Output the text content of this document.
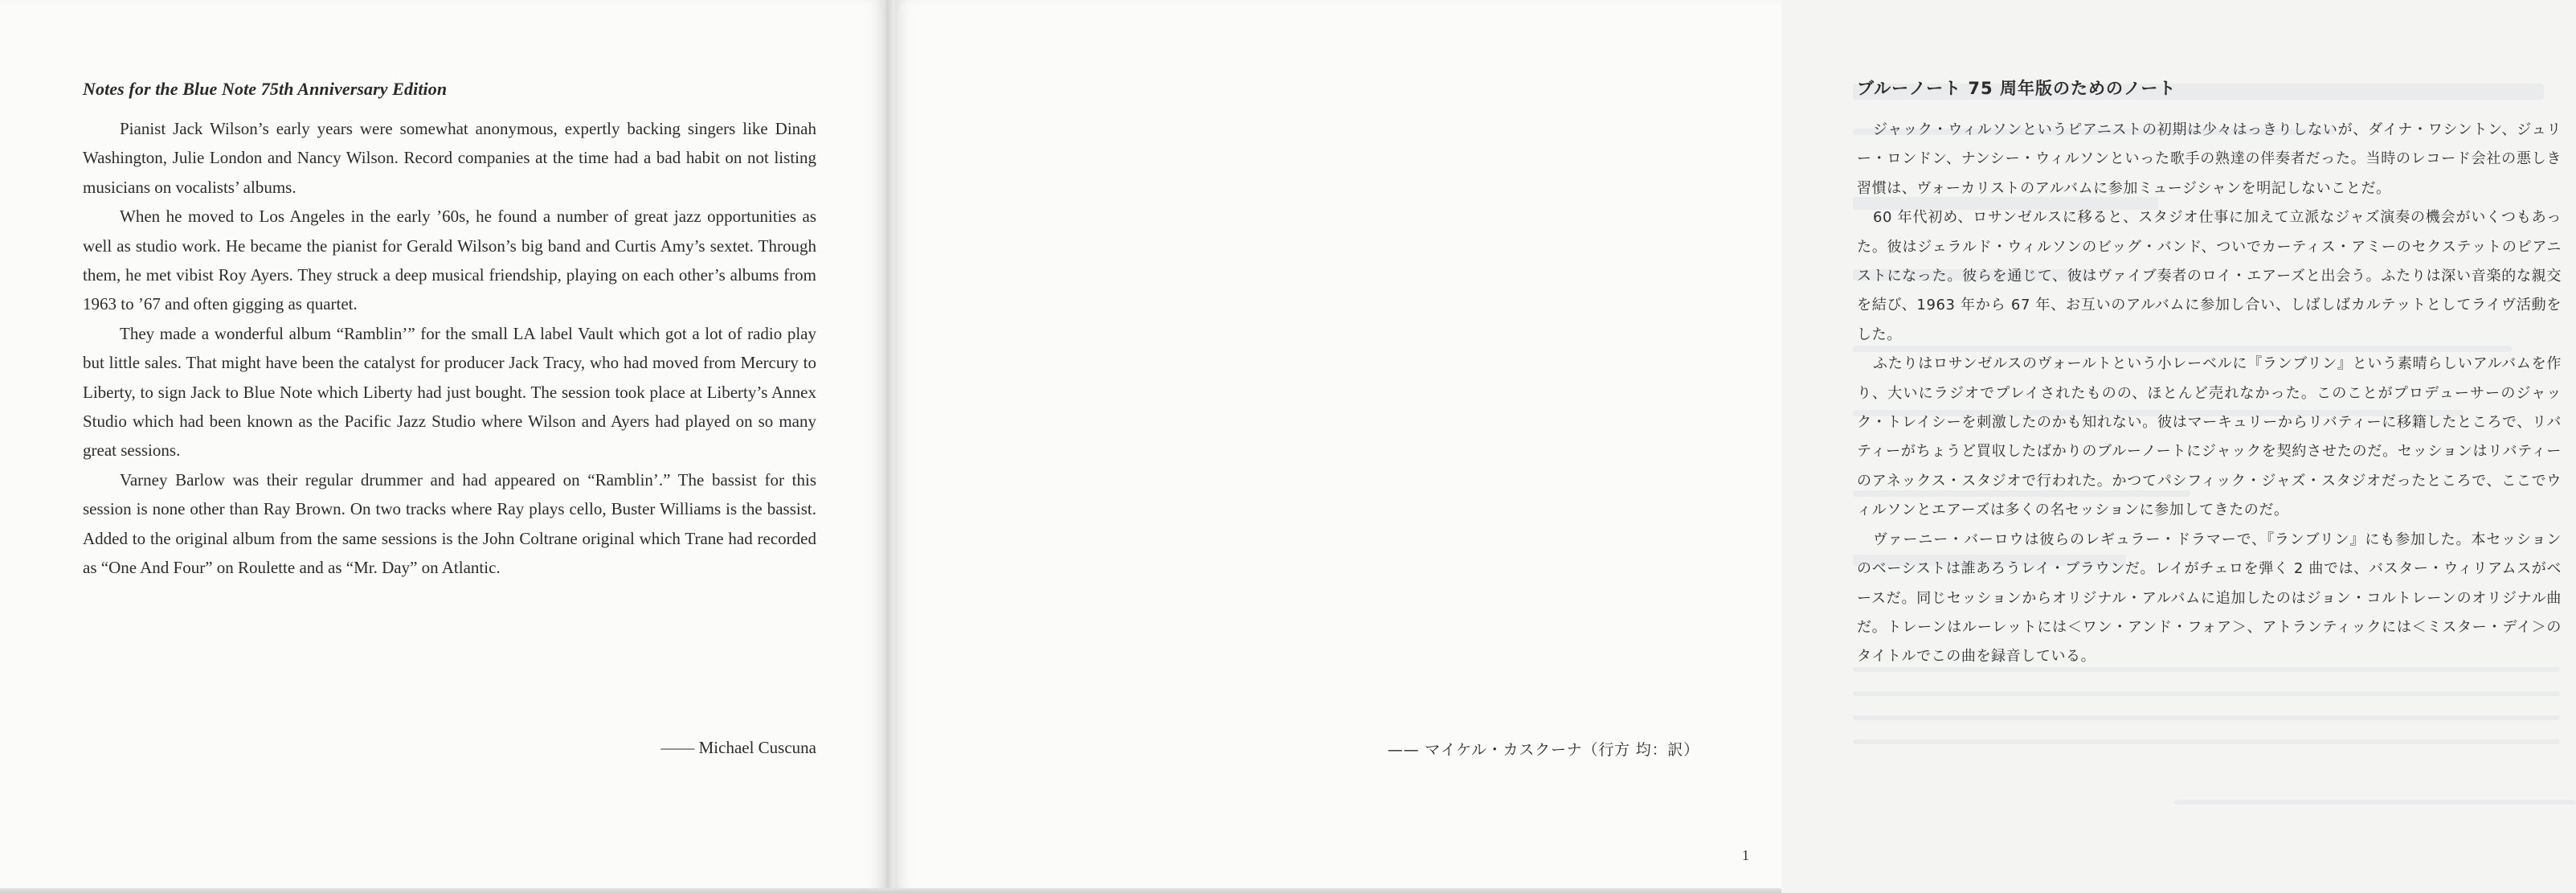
Notes for the Blue Note 75th Anniversary Edition

Pianist Jack Wilson’s early years were somewhat anonymous, expertly backing singers like Dinah Washington, Julie London and Nancy Wilson. Record companies at the time had a bad habit on not listing musicians on vocalists’ albums.

When he moved to Los Angeles in the early ’60s, he found a number of great jazz opportunities as well as studio work. He became the pianist for Gerald Wilson’s big band and Curtis Amy’s sextet. Through them, he met vibist Roy Ayers. They struck a deep musical friendship, playing on each other’s albums from 1963 to ’67 and often gigging as quartet.

They made a wonderful album “Ramblin’” for the small LA label Vault which got a lot of radio play but little sales. That might have been the catalyst for producer Jack Tracy, who had moved from Mercury to Liberty, to sign Jack to Blue Note which Liberty had just bought. The session took place at Liberty’s Annex Studio which had been known as the Pacific Jazz Studio where Wilson and Ayers had played on so many great sessions.

Varney Barlow was their regular drummer and had appeared on “Ramblin’.” The bassist for this session is none other than Ray Brown. On two tracks where Ray plays cello, Buster Williams is the bassist. Added to the original album from the same sessions is the John Coltrane original which Trane had recorded as “One And Four” on Roulette and as “Mr. Day” on Atlantic.

—— Michael Cuscuna
ブルーノート 75 周年版のためのノート

ジャック・ウィルソンというピアニストの初期は少々はっきりしないが、ダイナ・ワシントン、ジュリー・ロンドン、ナンシー・ウィルソンといった歌手の熟達の伴奏者だった。当時のレコード会社の悪しき習慣は、ヴォーカリストのアルバムに参加ミュージシャンを明記しないことだ。

60 年代初め、ロサンゼルスに移ると、スタジオ仕事に加えて立派なジャズ演奏の機会がいくつもあった。彼はジェラルド・ウィルソンのビッグ・バンド、ついでカーティス・アミーのセクステットのピアニストになった。彼らを通じて、彼はヴァイブ奏者のロイ・エアーズと出会う。ふたりは深い音楽的な親交を結び、1963 年から 67 年、お互いのアルバムに参加し合い、しばしばカルテットとしてライヴ活動をした。

ふたりはロサンゼルスのヴォールトという小レーベルに『ランブリン』という素晴らしいアルバムを作り、大いにラジオでプレイされたものの、ほとんど売れなかった。このことがプロデューサーのジャック・トレイシーを刺激したのかも知れない。彼はマーキュリーからリバティーに移籍したところで、リバティーがちょうど買収したばかりのブルーノートにジャックを契約させたのだ。セッションはリバティーのアネックス・スタジオで行われた。かつてパシフィック・ジャズ・スタジオだったところで、ここでウィルソンとエアーズは多くの名セッションに参加してきたのだ。

ヴァーニー・バーロウは彼らのレギュラー・ドラマーで、『ランブリン』にも参加した。本セッションのベーシストは誰あろうレイ・ブラウンだ。レイがチェロを弾く 2 曲では、バスター・ウィリアムスがベースだ。同じセッションからオリジナル・アルバムに追加したのはジョン・コルトレーンのオリジナル曲だ。トレーンはルーレットには＜ワン・アンド・フォア＞、アトランティックには＜ミスター・デイ＞のタイトルでこの曲を録音している。

—— マイケル・カスクーナ（行方 均：訳）
1
